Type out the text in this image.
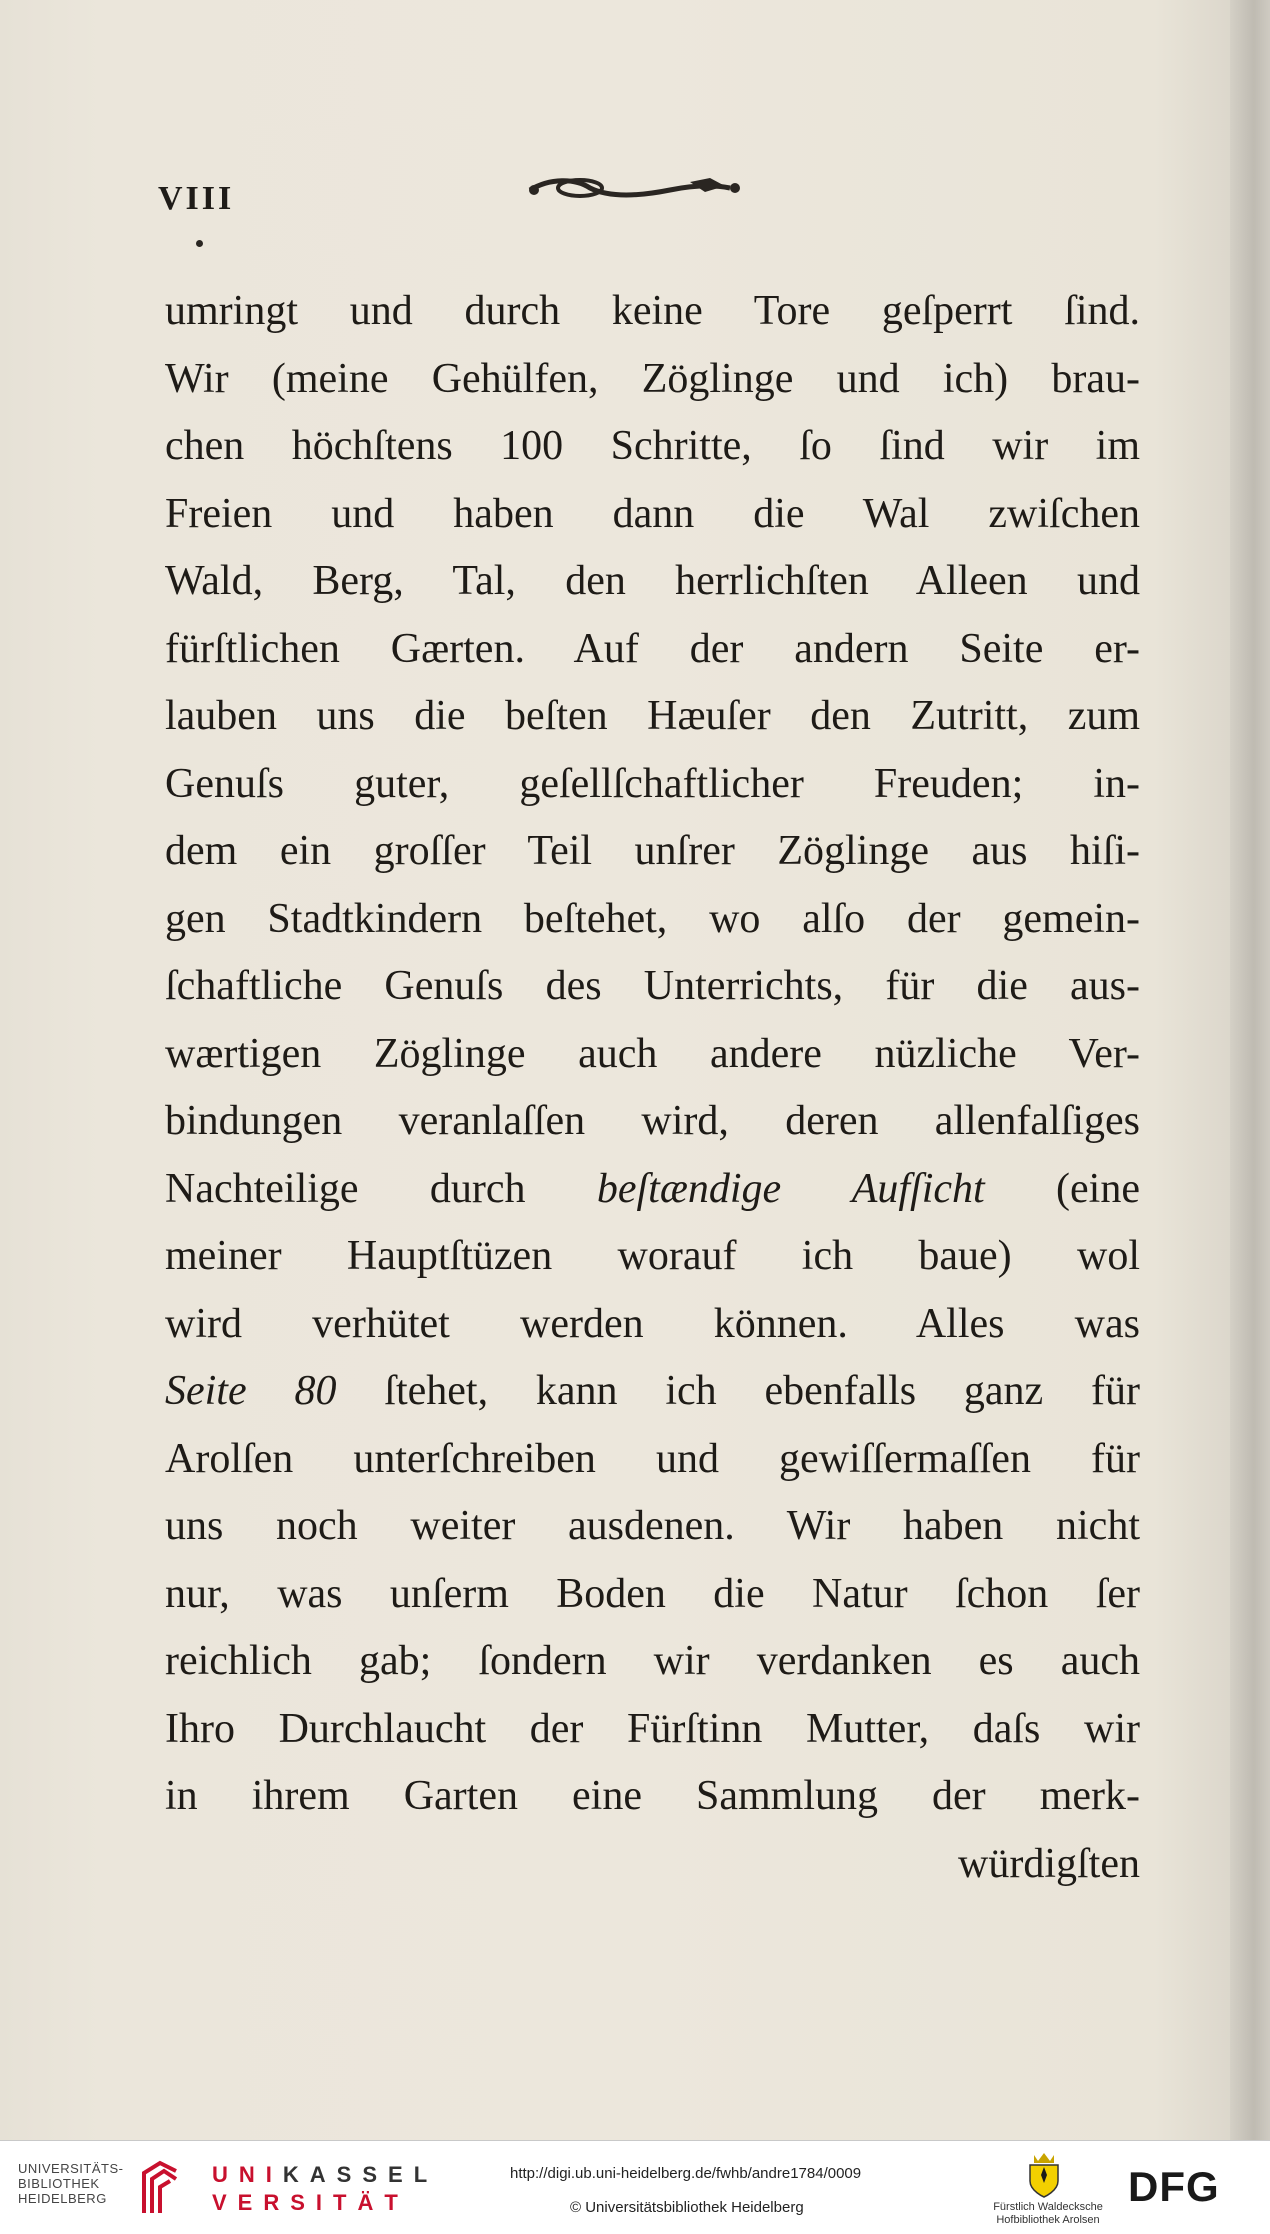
VIII
umringt und durch keine Tore geſperrt ſind.
Wir (meine Gehülfen, Zöglinge und ich) brau-
chen höchſtens 100 Schritte, ſo ſind wir im
Freien und haben dann die Wal zwiſchen
Wald, Berg, Tal, den herrlichſten Alleen und
fürſtlichen Gærten. Auf der andern Seite er-
lauben uns die beſten Hæuſer den Zutritt, zum
Genuſs guter, geſellſchaftlicher Freuden; in-
dem ein groſſer Teil unſrer Zöglinge aus hiſi-
gen Stadtkindern beſtehet, wo alſo der gemein-
ſchaftliche Genuſs des Unterrichts, für die aus-
wærtigen Zöglinge auch andere nüzliche Ver-
bindungen veranlaſſen wird, deren allenfalſiges
Nachteilige durch beſtændige Aufſicht (eine
meiner Hauptſtüzen worauf ich baue) wol
wird verhütet werden können. Alles was
Seite 80 ſtehet, kann ich ebenfalls ganz für
Arolſen unterſchreiben und gewiſſermaſſen für
uns noch weiter ausdenen. Wir haben nicht
nur, was unſerm Boden die Natur ſchon ſer
reichlich gab; ſondern wir verdanken es auch
Ihro Durchlaucht der Fürſtinn Mutter, daſs wir
in ihrem Garten eine Sammlung der merk-
würdigſten
UNIVERSITÄTS-
BIBLIOTHEK
HEIDELBERG
UNIKASSEL
VERSITÄT
http://digi.ub.uni-heidelberg.de/fwhb/andre1784/0009
© Universitätsbibliothek Heidelberg	Fürstlich Waldecksche
Hofbibliothek Arolsen
DFG
